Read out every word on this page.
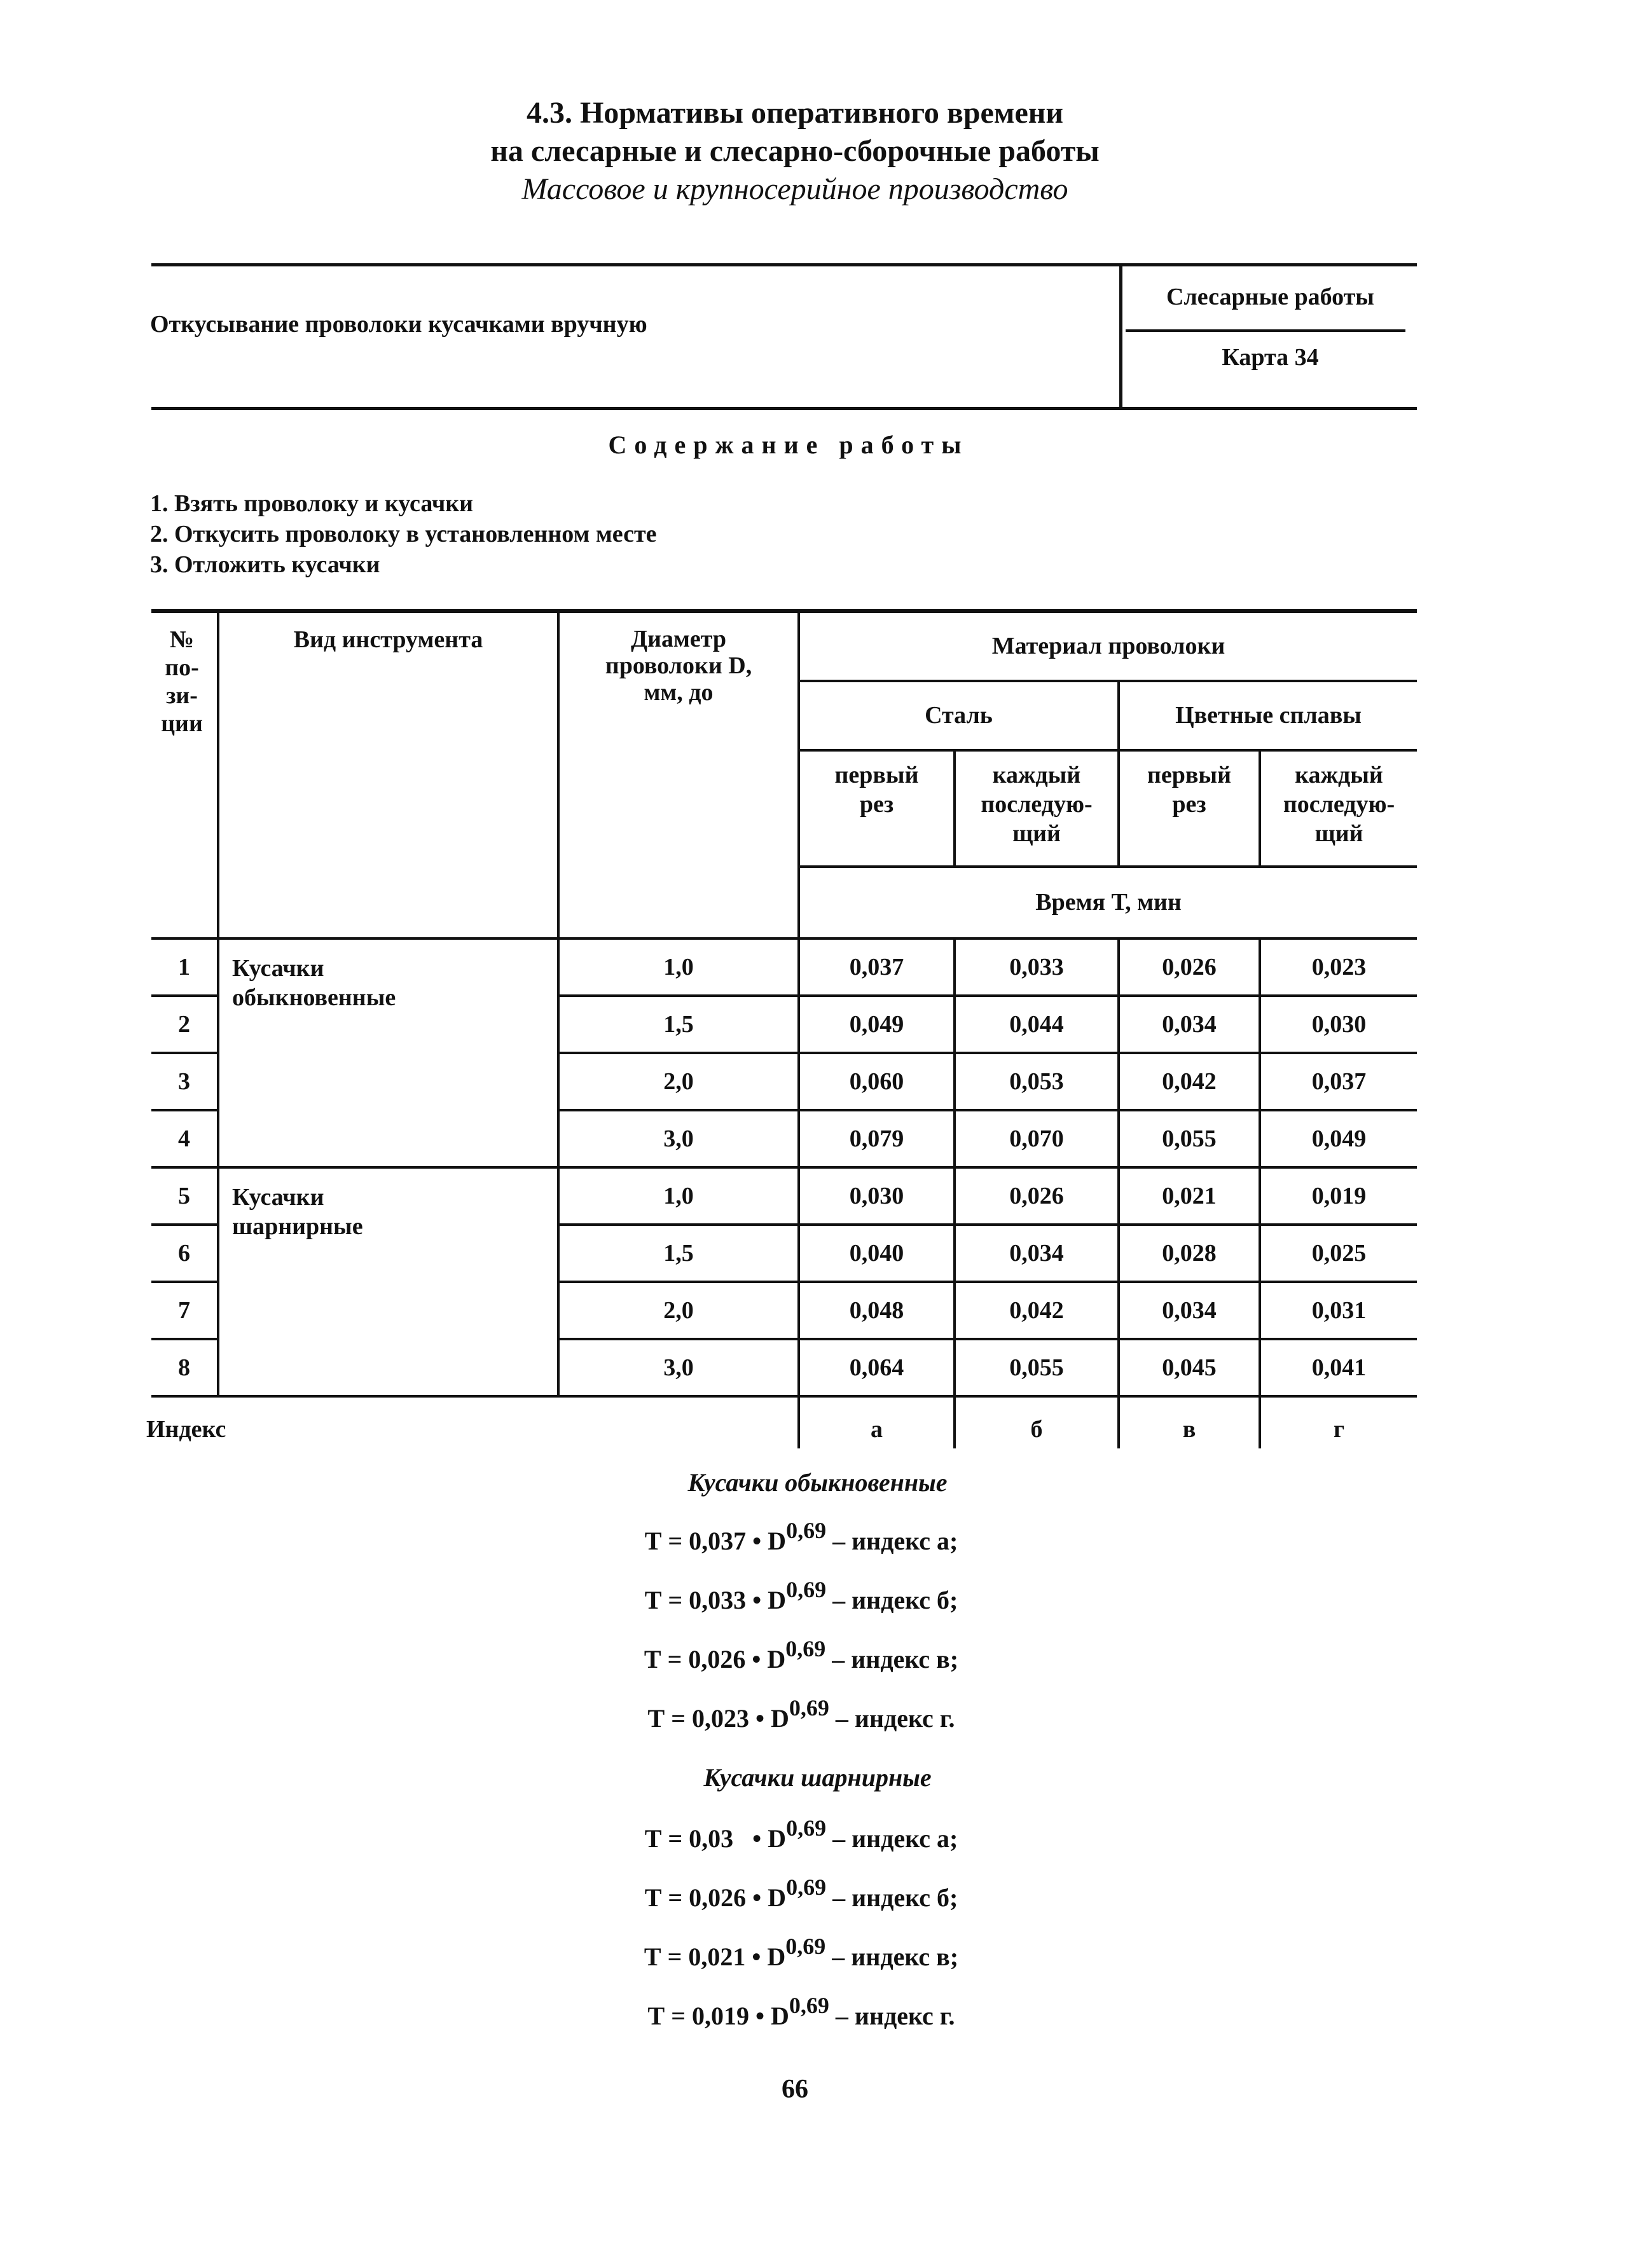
4.3. Нормативы оперативного времени
на слесарные и слесарно-сборочные работы
Массовое и крупносерийное производство
Откусывание проволоки кусачками вручную
Слесарные работы
Карта 34
Содержание работы
1. Взять проволоку и кусачки
2. Откусить проволоку в установленном месте
3. Отложить кусачки
№ по- зи- ции	Вид инструмента	Диаметр проволоки D, мм, до	Материал проволоки			
			Сталь		Цветные сплавы	

			первый рез	каждый последую- щий	первый рез	каждый последую- щий

			Время Т, мин			
1	Кусачки обыкновенные	1,0	0,037	0,033	0,026	0,023
2		1,5	0,049	0,044	0,034	0,030
3		2,0	0,060	0,053	0,042	0,037
4		3,0	0,079	0,070	0,055	0,049
5	Кусачки шарнирные	1,0	0,030	0,026	0,021	0,019
6		1,5	0,040	0,034	0,028	0,025
7		2,0	0,048	0,042	0,034	0,031
8		3,0	0,064	0,055	0,045	0,041

Индекс			а	б	в	г
Кусачки обыкновенные
Т = 0,037 • D$^{0,69}$ – индекс а;
Т = 0,033 • D$^{0,69}$ – индекс б;
Т = 0,026 • D$^{0,69}$ – индекс в;
Т = 0,023 • D$^{0,69}$ – индекс г.
Кусачки шарнирные
Т = 0,03   • D$^{0,69}$ – индекс а;
Т = 0,026 • D$^{0,69}$ – индекс б;
Т = 0,021 • D$^{0,69}$ – индекс в;
Т = 0,019 • D$^{0,69}$ – индекс г.
66
